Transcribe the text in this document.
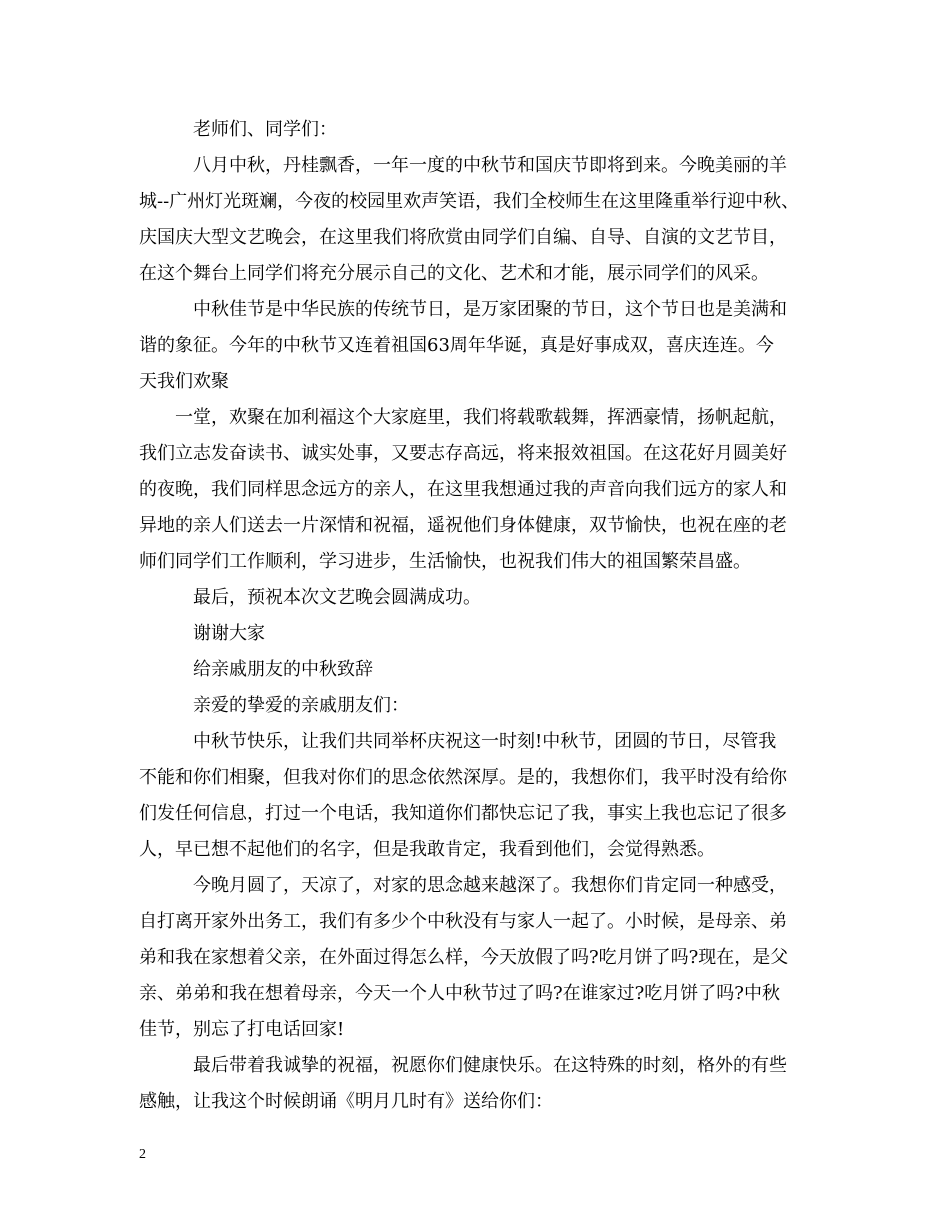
老师们、同学们：
八月中秋，丹桂飘香，一年一度的中秋节和国庆节即将到来。今晚美丽的羊
城--广州灯光斑斓，今夜的校园里欢声笑语，我们全校师生在这里隆重举行迎中秋、
庆国庆大型文艺晚会，在这里我们将欣赏由同学们自编、自导、自演的文艺节目，
在这个舞台上同学们将充分展示自己的文化、艺术和才能，展示同学们的风采。
中秋佳节是中华民族的传统节日，是万家团聚的节日，这个节日也是美满和
谐的象征。今年的中秋节又连着祖国63周年华诞，真是好事成双，喜庆连连。今
天我们欢聚
一堂，欢聚在加利福这个大家庭里，我们将载歌载舞，挥洒豪情，扬帆起航，
我们立志发奋读书、诚实处事，又要志存高远，将来报效祖国。在这花好月圆美好
的夜晚，我们同样思念远方的亲人，在这里我想通过我的声音向我们远方的家人和
异地的亲人们送去一片深情和祝福，遥祝他们身体健康，双节愉快，也祝在座的老
师们同学们工作顺利，学习进步，生活愉快，也祝我们伟大的祖国繁荣昌盛。
最后，预祝本次文艺晚会圆满成功。
谢谢大家
给亲戚朋友的中秋致辞
亲爱的挚爱的亲戚朋友们：
中秋节快乐，让我们共同举杯庆祝这一时刻!中秋节，团圆的节日，尽管我
不能和你们相聚，但我对你们的思念依然深厚。是的，我想你们，我平时没有给你
们发任何信息，打过一个电话，我知道你们都快忘记了我，事实上我也忘记了很多
人，早已想不起他们的名字，但是我敢肯定，我看到他们，会觉得熟悉。
今晚月圆了，天凉了，对家的思念越来越深了。我想你们肯定同一种感受，
自打离开家外出务工，我们有多少个中秋没有与家人一起了。小时候，是母亲、弟
弟和我在家想着父亲，在外面过得怎么样，今天放假了吗?吃月饼了吗?现在，是父
亲、弟弟和我在想着母亲，今天一个人中秋节过了吗?在谁家过?吃月饼了吗?中秋
佳节，别忘了打电话回家!
最后带着我诚挚的祝福，祝愿你们健康快乐。在这特殊的时刻，格外的有些
感触，让我这个时候朗诵《明月几时有》送给你们：
2
